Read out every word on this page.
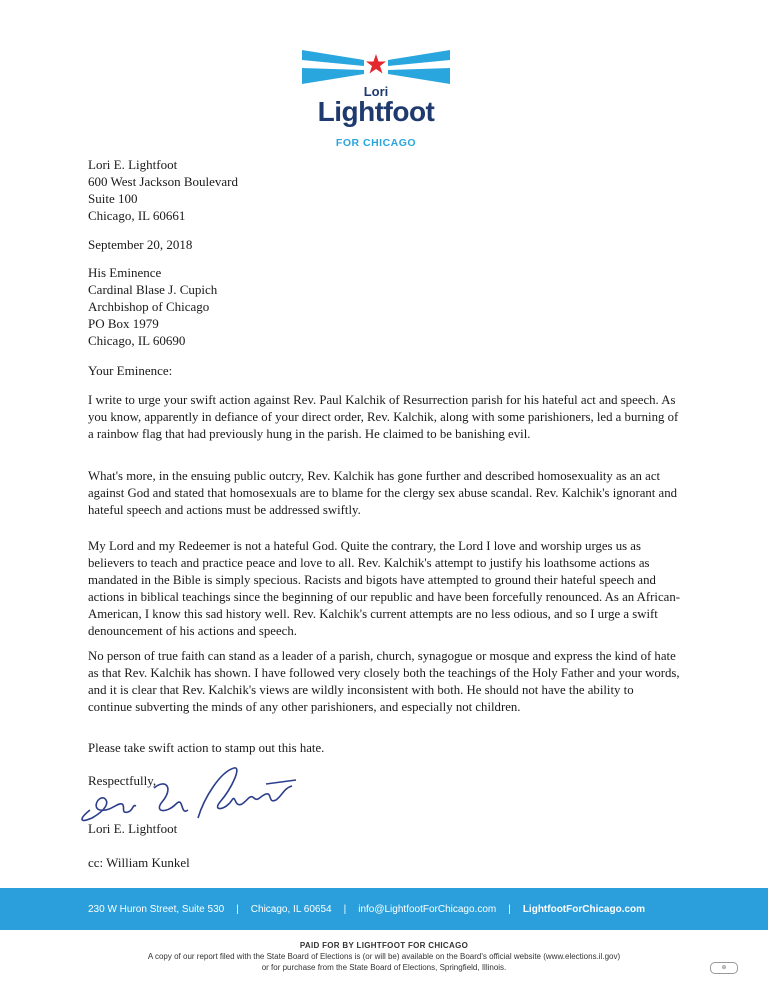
Lori
Lightfoot
FOR CHICAGO
Lori E. Lightfoot
600 West Jackson Boulevard
Suite 100
Chicago, IL 60661
September 20, 2018
His Eminence
Cardinal Blase J. Cupich
Archbishop of Chicago
PO Box 1979
Chicago, IL 60690
Your Eminence:
I write to urge your swift action against Rev. Paul Kalchik of Resurrection parish for his hateful act and speech. As you know, apparently in defiance of your direct order, Rev. Kalchik, along with some parishioners, led a burning of a rainbow flag that had previously hung in the parish. He claimed to be banishing evil.
What's more, in the ensuing public outcry, Rev. Kalchik has gone further and described homosexuality as an act against God and stated that homosexuals are to blame for the clergy sex abuse scandal. Rev. Kalchik's ignorant and hateful speech and actions must be addressed swiftly.
My Lord and my Redeemer is not a hateful God. Quite the contrary, the Lord I love and worship urges us as believers to teach and practice peace and love to all. Rev. Kalchik's attempt to justify his loathsome actions as mandated in the Bible is simply specious. Racists and bigots have attempted to ground their hateful speech and actions in biblical teachings since the beginning of our republic and have been forcefully renounced. As an African-American, I know this sad history well. Rev. Kalchik's current attempts are no less odious, and so I urge a swift denouncement of his actions and speech.
No person of true faith can stand as a leader of a parish, church, synagogue or mosque and express the kind of hate as that Rev. Kalchik has shown. I have followed very closely both the teachings of the Holy Father and your words, and it is clear that Rev. Kalchik's views are wildly inconsistent with both. He should not have the ability to continue subverting the minds of any other parishioners, and especially not children.
Please take swift action to stamp out this hate.
Respectfully,
Lori E. Lightfoot
cc: William Kunkel
230 W Huron Street, Suite 530 | Chicago, IL 60654 | info@LightfootForChicago.com | LightfootForChicago.com
PAID FOR BY LIGHTFOOT FOR CHICAGO
A copy of our report filed with the State Board of Elections is (or will be) available on the Board's official website (www.elections.il.gov)
or for purchase from the State Board of Elections, Springfield, Illinois.	⊕
